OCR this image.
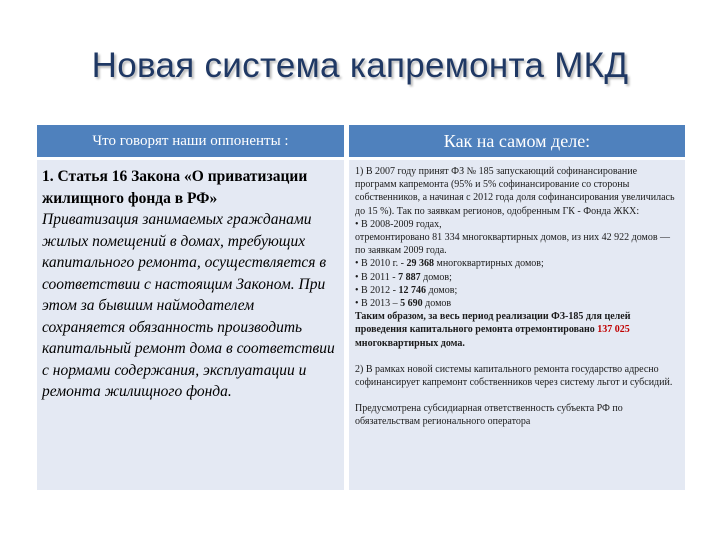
Новая система капремонта МКД
Что говорят наши оппоненты :	Как на самом деле:

1. Статья 16 Закона «О приватизации жилищного фонда в РФ»

Приватизация занимаемых гражданами жилых помещений в домах, требующих капитального ремонта, осуществляется в соответствии с настоящим Законом. При этом за бывшим наймодателем сохраняется обязанность производить капитальный ремонт дома в соответствии с нормами содержания, эксплуатации и ремонта жилищного фонда.

1) В 2007 году принят ФЗ № 185 запускающий софинансирование программ капремонта (95% и 5% софинансирование со стороны собственников, а начиная с 2012 года доля софинансирования увеличилась до 15 %). Так по заявкам регионов, одобренным ГК - Фонда ЖКХ:

• В 2008-2009 годах,

отремонтировано 81 334 многоквартирных домов, из них 42 922 домов — по заявкам 2009 года.

• В 2010 г. - 29 368 многоквартирных домов;

• В 2011 - 7 887 домов;

• В 2012 - 12 746 домов;

• В 2013 – 5 690 домов

Таким образом, за весь период реализации ФЗ-185 для целей проведения капитального ремонта отремонтировано 137 025 многоквартирных дома.

2) В рамках новой системы капитального ремонта государство адресно софинансирует капремонт собственников через систему льгот и субсидий.

Предусмотрена субсидиарная ответственность субъекта РФ по обязательствам регионального оператора
